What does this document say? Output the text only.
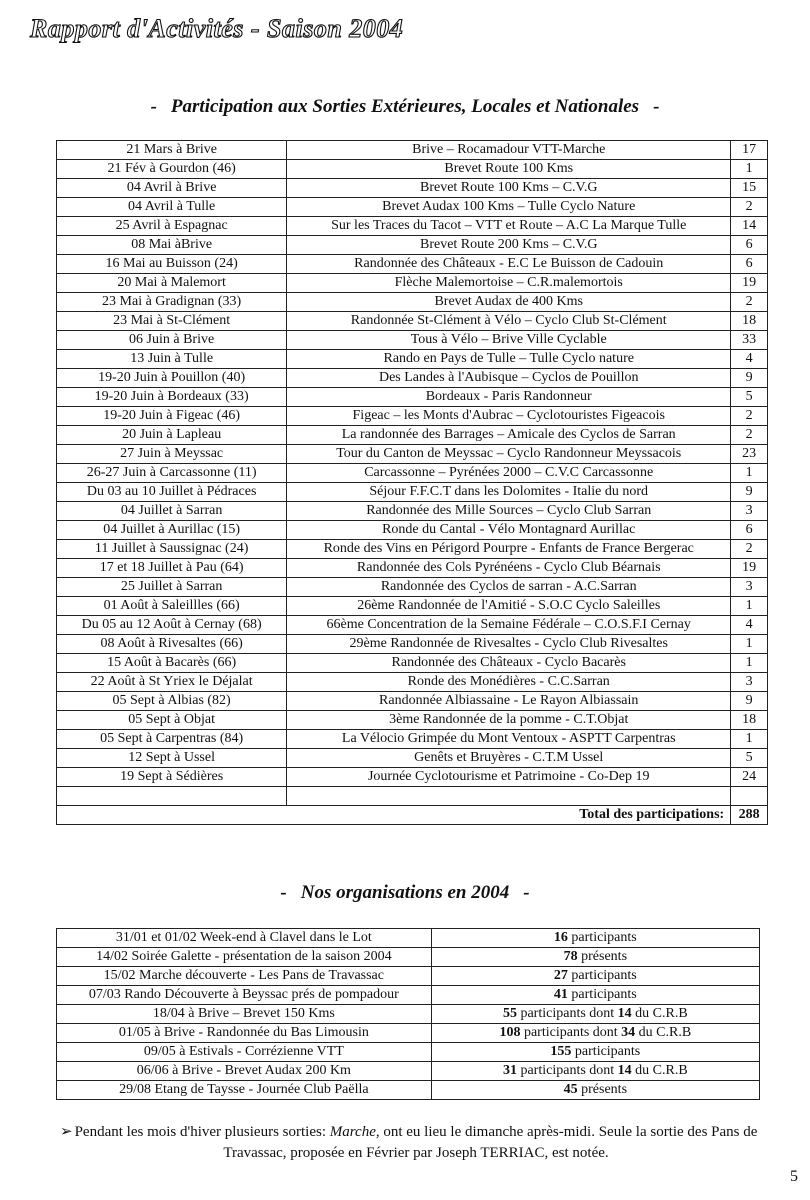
Rapport d'Activités - Saison 2004
- Participation aux Sorties Extérieures, Locales et Nationales -
21 Mars à Brive	Brive – Rocamadour VTT-Marche	17
21 Fév à Gourdon (46)	Brevet Route 100 Kms	1
04 Avril à Brive	Brevet Route 100 Kms – C.V.G	15
04 Avril à Tulle	Brevet Audax 100 Kms – Tulle Cyclo Nature	2
25 Avril à Espagnac	Sur les Traces du Tacot – VTT et Route – A.C La Marque Tulle	14
08 Mai àBrive	Brevet Route 200 Kms – C.V.G	6
16 Mai au Buisson (24)	Randonnée des Châteaux - E.C Le Buisson de Cadouin	6
20 Mai à Malemort	Flèche Malemortoise – C.R.malemortois	19
23 Mai à Gradignan (33)	Brevet Audax de 400 Kms	2
23 Mai à St-Clément	Randonnée St-Clément à Vélo – Cyclo Club St-Clément	18
06 Juin à Brive	Tous à Vélo – Brive Ville Cyclable	33
13 Juin à Tulle	Rando en Pays de Tulle – Tulle Cyclo nature	4
19-20 Juin à Pouillon (40)	Des Landes à l'Aubisque – Cyclos de Pouillon	9
19-20 Juin à Bordeaux (33)	Bordeaux - Paris Randonneur	5
19-20 Juin à Figeac (46)	Figeac – les Monts d'Aubrac – Cyclotouristes Figeacois	2
20 Juin à Lapleau	La randonnée des Barrages – Amicale des Cyclos de Sarran	2
27 Juin à Meyssac	Tour du Canton de Meyssac – Cyclo Randonneur Meyssacois	23
26-27 Juin à Carcassonne (11)	Carcassonne – Pyrénées 2000 – C.V.C Carcassonne	1
Du 03 au 10 Juillet à Pédraces	Séjour F.F.C.T dans les Dolomites - Italie du nord	9
04 Juillet à Sarran	Randonnée des Mille Sources – Cyclo Club Sarran	3
04 Juillet à Aurillac (15)	Ronde du Cantal - Vélo Montagnard Aurillac	6
11 Juillet à Saussignac (24)	Ronde des Vins en Périgord Pourpre - Enfants de France Bergerac	2
17 et 18 Juillet à Pau (64)	Randonnée des Cols Pyrénéens - Cyclo Club Béarnais	19
25 Juillet à Sarran	Randonnée des Cyclos de sarran - A.C.Sarran	3
01 Août à Saleillles (66)	26ème Randonnée de l'Amitié - S.O.C Cyclo Saleilles	1
Du 05 au 12 Août à Cernay (68)	66ème Concentration de la Semaine Fédérale – C.O.S.F.I Cernay	4
08 Août à Rivesaltes (66)	29ème Randonnée de Rivesaltes - Cyclo Club Rivesaltes	1
15 Août à Bacarès (66)	Randonnée des Châteaux - Cyclo Bacarès	1
22 Août à St Yriex le Déjalat	Ronde des Monédières - C.C.Sarran	3
05 Sept à Albias (82)	Randonnée Albiassaine - Le Rayon Albiassain	9
05 Sept à Objat	3ème Randonnée de la pomme - C.T.Objat	18
05 Sept à Carpentras (84)	La Vélocio Grimpée du Mont Ventoux - ASPTT Carpentras	1
12 Sept à Ussel	Genêts et Bruyères - C.T.M Ussel	5
19 Sept à Sédières	Journée Cyclotourisme et Patrimoine - Co-Dep 19	24

Total des participations:		288
- Nos organisations en 2004 -
31/01 et 01/02 Week-end à Clavel dans le Lot	16 participants
14/02 Soirée Galette - présentation de la saison 2004	78 présents
15/02 Marche découverte - Les Pans de Travassac	27 participants
07/03 Rando Découverte à Beyssac prés de pompadour	41 participants
18/04 à Brive – Brevet 150 Kms	55 participants dont 14 du C.R.B
01/05 à Brive - Randonnée du Bas Limousin	108 participants dont 34 du C.R.B
09/05 à Estivals - Corrézienne VTT	155 participants
06/06 à Brive - Brevet Audax 200 Km	31 participants dont 14 du C.R.B
29/08 Etang de Taysse - Journée Club Paëlla	45 présents
➢ Pendant les mois d'hiver plusieurs sorties: Marche, ont eu lieu le dimanche après-midi. Seule la sortie des Pans de Travassac, proposée en Février par Joseph TERRIAC, est notée.
5
